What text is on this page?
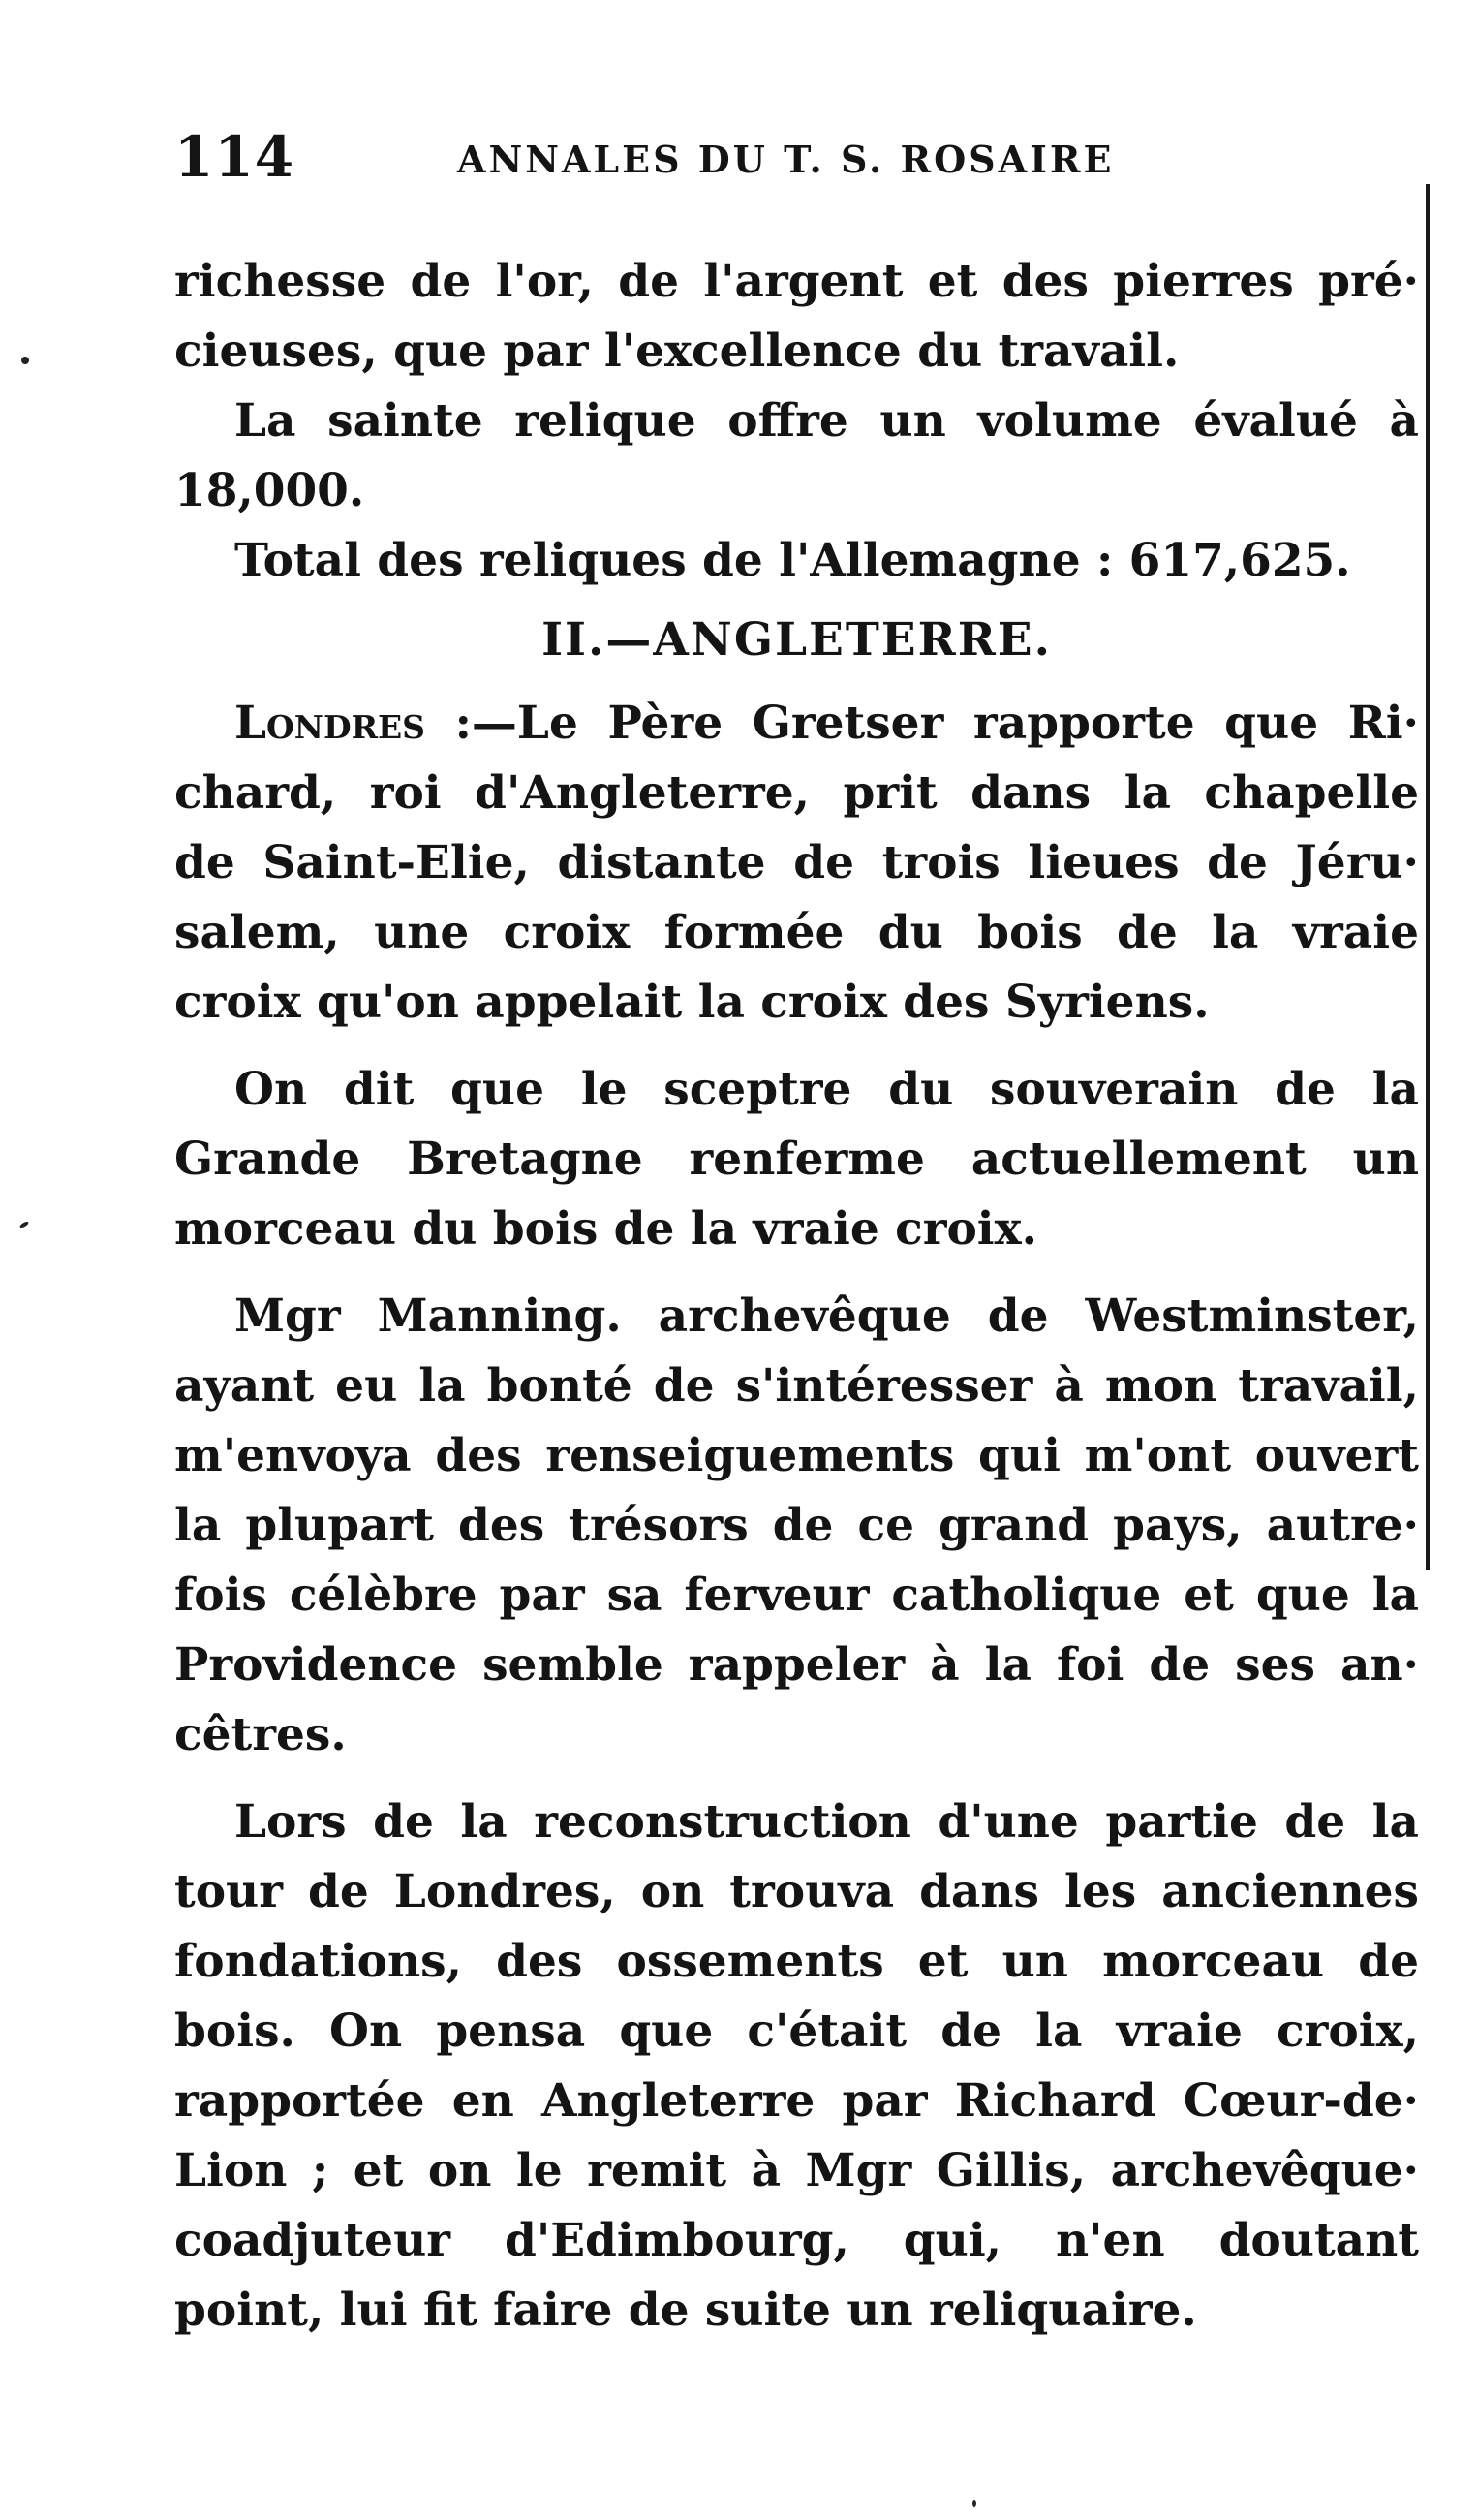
114	ANNALES DU T. S. ROSAIRE
richesse de l'or, de l'argent et des pierres pré·
cieuses, que par l'excellence du travail.
La sainte relique offre un volume évalué à
18,000.
Total des reliques de l'Allemagne : 617,625.
II.—ANGLETERRE.
Londres :—Le Père Gretser rapporte que Ri·
chard, roi d'Angleterre, prit dans la chapelle
de Saint-Elie, distante de trois lieues de Jéru·
salem, une croix formée du bois de la vraie
croix qu'on appelait la croix des Syriens.
On dit que le sceptre du souverain de la
Grande Bretagne renferme actuellement un
morceau du bois de la vraie croix.
Mgr Manning. archevêque de Westminster,
ayant eu la bonté de s'intéresser à mon travail,
m'envoya des renseiguements qui m'ont ouvert
la plupart des trésors de ce grand pays, autre·
fois célèbre par sa ferveur catholique et que la
Providence semble rappeler à la foi de ses an·
cêtres.
Lors de la reconstruction d'une partie de la
tour de Londres, on trouva dans les anciennes
fondations, des ossements et un morceau de
bois. On pensa que c'était de la vraie croix,
rapportée en Angleterre par Richard Cœur-de·
Lion ; et on le remit à Mgr Gillis, archevêque·
coadjuteur d'Edimbourg, qui, n'en doutant
point, lui fit faire de suite un reliquaire.
